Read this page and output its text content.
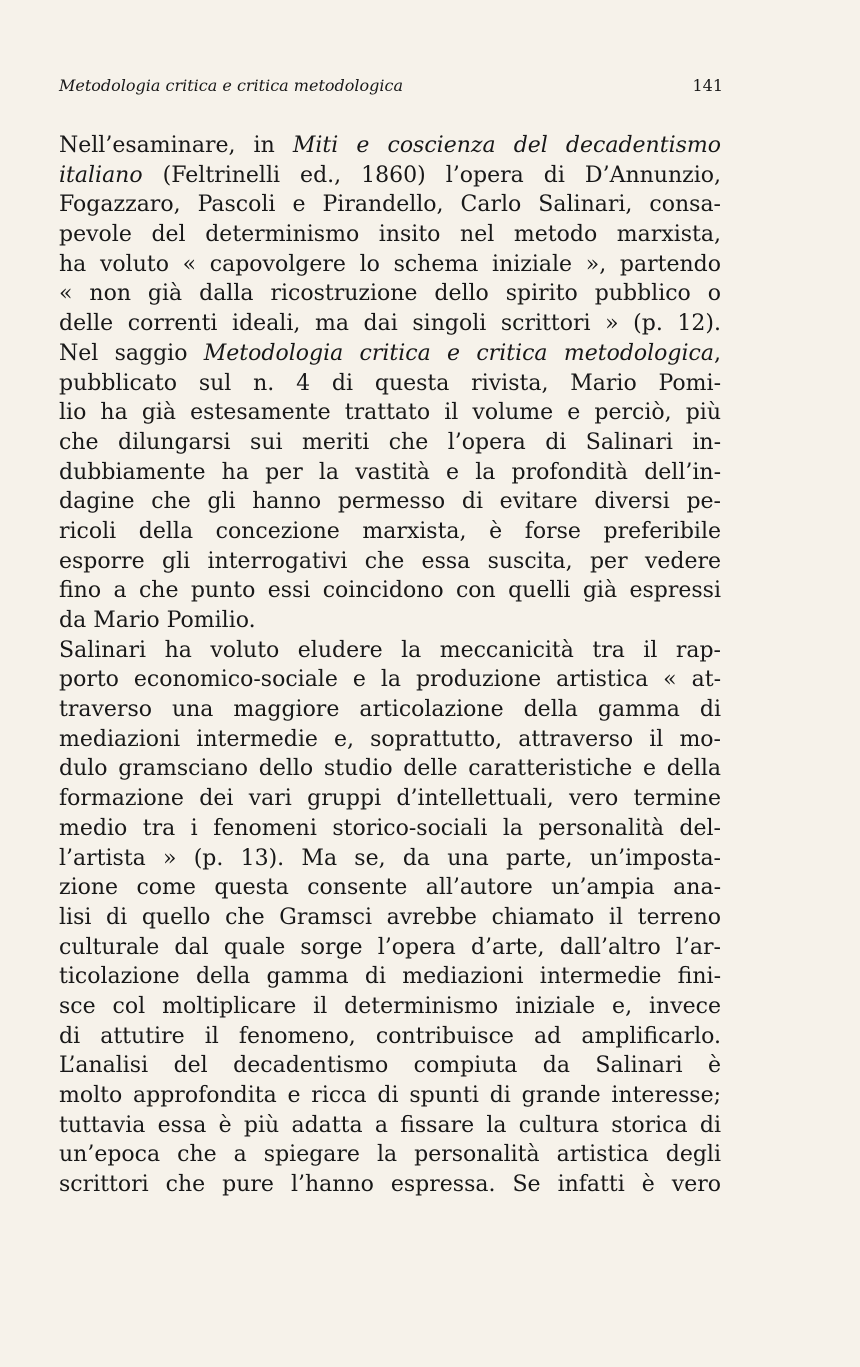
Metodologia critica e critica metodologica	141
Nell’esaminare, in Miti e coscienza del decadentismo
italiano (Feltrinelli ed., 1860) l’opera di D’Annunzio,
Fogazzaro, Pascoli e Pirandello, Carlo Salinari, consa-
pevole del determinismo insito nel metodo marxista,
ha voluto « capovolgere lo schema iniziale », partendo
« non già dalla ricostruzione dello spirito pubblico o
delle correnti ideali, ma dai singoli scrittori » (p. 12).
Nel saggio Metodologia critica e critica metodologica,
pubblicato sul n. 4 di questa rivista, Mario Pomi-
lio ha già estesamente trattato il volume e perciò, più
che dilungarsi sui meriti che l’opera di Salinari in-
dubbiamente ha per la vastità e la profondità dell’in-
dagine che gli hanno permesso di evitare diversi pe-
ricoli della concezione marxista, è forse preferibile
esporre gli interrogativi che essa suscita, per vedere
fino a che punto essi coincidono con quelli già espressi
da Mario Pomilio.
Salinari ha voluto eludere la meccanicità tra il rap-
porto economico-sociale e la produzione artistica « at-
traverso una maggiore articolazione della gamma di
mediazioni intermedie e, soprattutto, attraverso il mo-
dulo gramsciano dello studio delle caratteristiche e della
formazione dei vari gruppi d’intellettuali, vero termine
medio tra i fenomeni storico-sociali la personalità del-
l’artista » (p. 13). Ma se, da una parte, un’imposta-
zione come questa consente all’autore un’ampia ana-
lisi di quello che Gramsci avrebbe chiamato il terreno
culturale dal quale sorge l’opera d’arte, dall’altro l’ar-
ticolazione della gamma di mediazioni intermedie fini-
sce col moltiplicare il determinismo iniziale e, invece
di attutire il fenomeno, contribuisce ad amplificarlo.
L’analisi del decadentismo compiuta da Salinari è
molto approfondita e ricca di spunti di grande interesse;
tuttavia essa è più adatta a fissare la cultura storica di
un’epoca che a spiegare la personalità artistica degli
scrittori che pure l’hanno espressa. Se infatti è vero
